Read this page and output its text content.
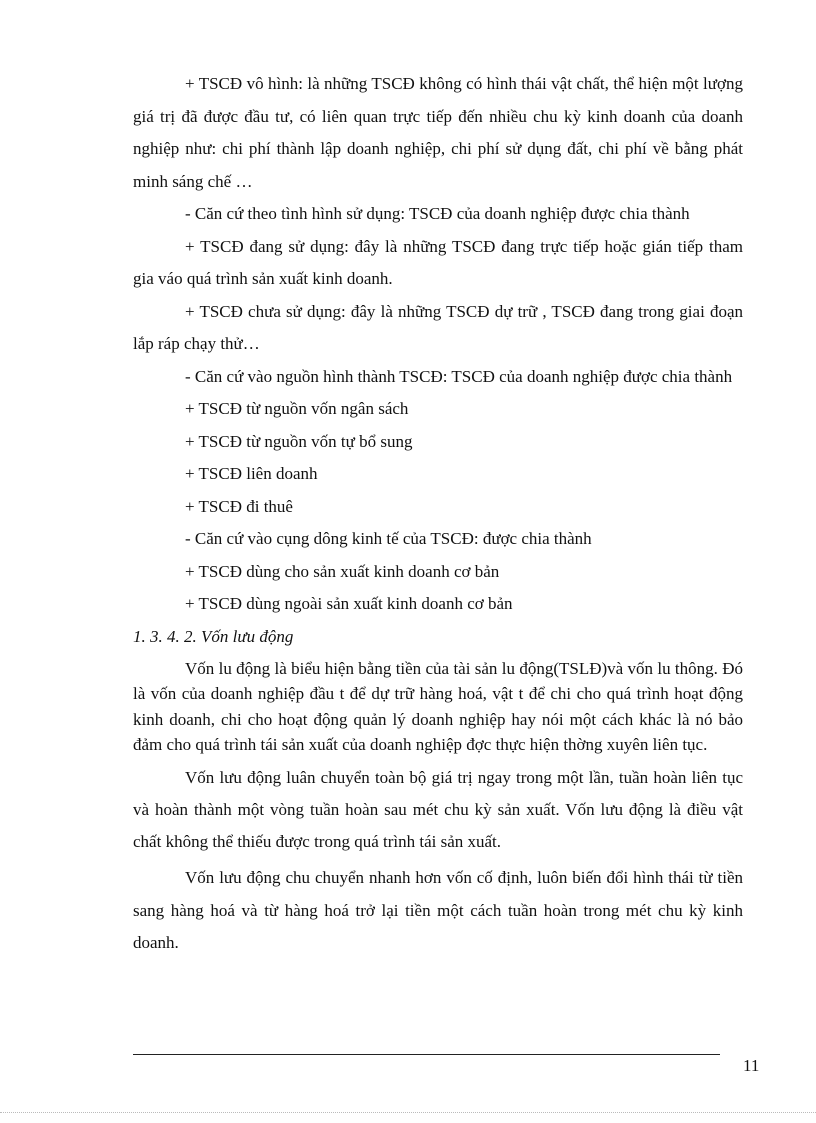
+ TSCĐ vô hình: là những TSCĐ không có hình thái vật chất, thể hiện một lượng giá trị đã được đầu tư, có liên quan trực tiếp đến nhiều chu kỳ kinh doanh của doanh nghiệp như: chi phí thành lập doanh nghiệp, chi phí sử dụng đất, chi phí về bằng phát minh sáng chế …

- Căn cứ theo tình hình sử dụng: TSCĐ của doanh nghiệp được chia thành

+ TSCĐ đang sử dụng: đây là những TSCĐ đang trực tiếp hoặc gián tiếp tham gia váo quá trình sản xuất kinh doanh.

+ TSCĐ chưa sử dụng: đây là những TSCĐ dự trữ , TSCĐ đang trong giai đoạn lắp ráp chạy thử…

- Căn cứ vào nguồn hình thành TSCĐ: TSCĐ của doanh nghiệp được chia thành

+ TSCĐ từ nguồn vốn ngân sách

+ TSCĐ từ nguồn vốn tự bổ sung

+ TSCĐ liên doanh

+ TSCĐ đi thuê

- Căn cứ vào cụng dông kinh tế của TSCĐ: được chia thành

+ TSCĐ dùng cho sản xuất kinh doanh cơ bản

+ TSCĐ dùng ngoài sản xuất kinh doanh cơ bản

1. 3. 4. 2. Vốn lưu động

Vốn lu động là biểu hiện bằng tiền của tài sản lu động(TSLĐ)và vốn lu thông. Đó là vốn của doanh nghiệp đầu t để dự trữ hàng hoá, vật t để chi cho quá trình hoạt động kinh doanh, chi cho hoạt động quản lý doanh nghiệp hay nói một cách khác là nó bảo đảm cho quá trình tái sản xuất của doanh nghiệp đợc thực hiện thờng xuyên liên tục.

Vốn lưu động luân chuyển toàn bộ giá trị ngay trong một lần, tuần hoàn liên tục và hoàn thành một vòng tuần hoàn sau mét chu kỳ sản xuất. Vốn lưu động là điều vật chất không thể thiếu được trong quá trình tái sản xuất.

Vốn lưu động chu chuyển nhanh hơn vốn cố định, luôn biến đổi hình thái từ tiền sang hàng hoá và từ hàng hoá trở lại tiền một cách tuần hoàn trong mét chu kỳ kinh doanh.

11
